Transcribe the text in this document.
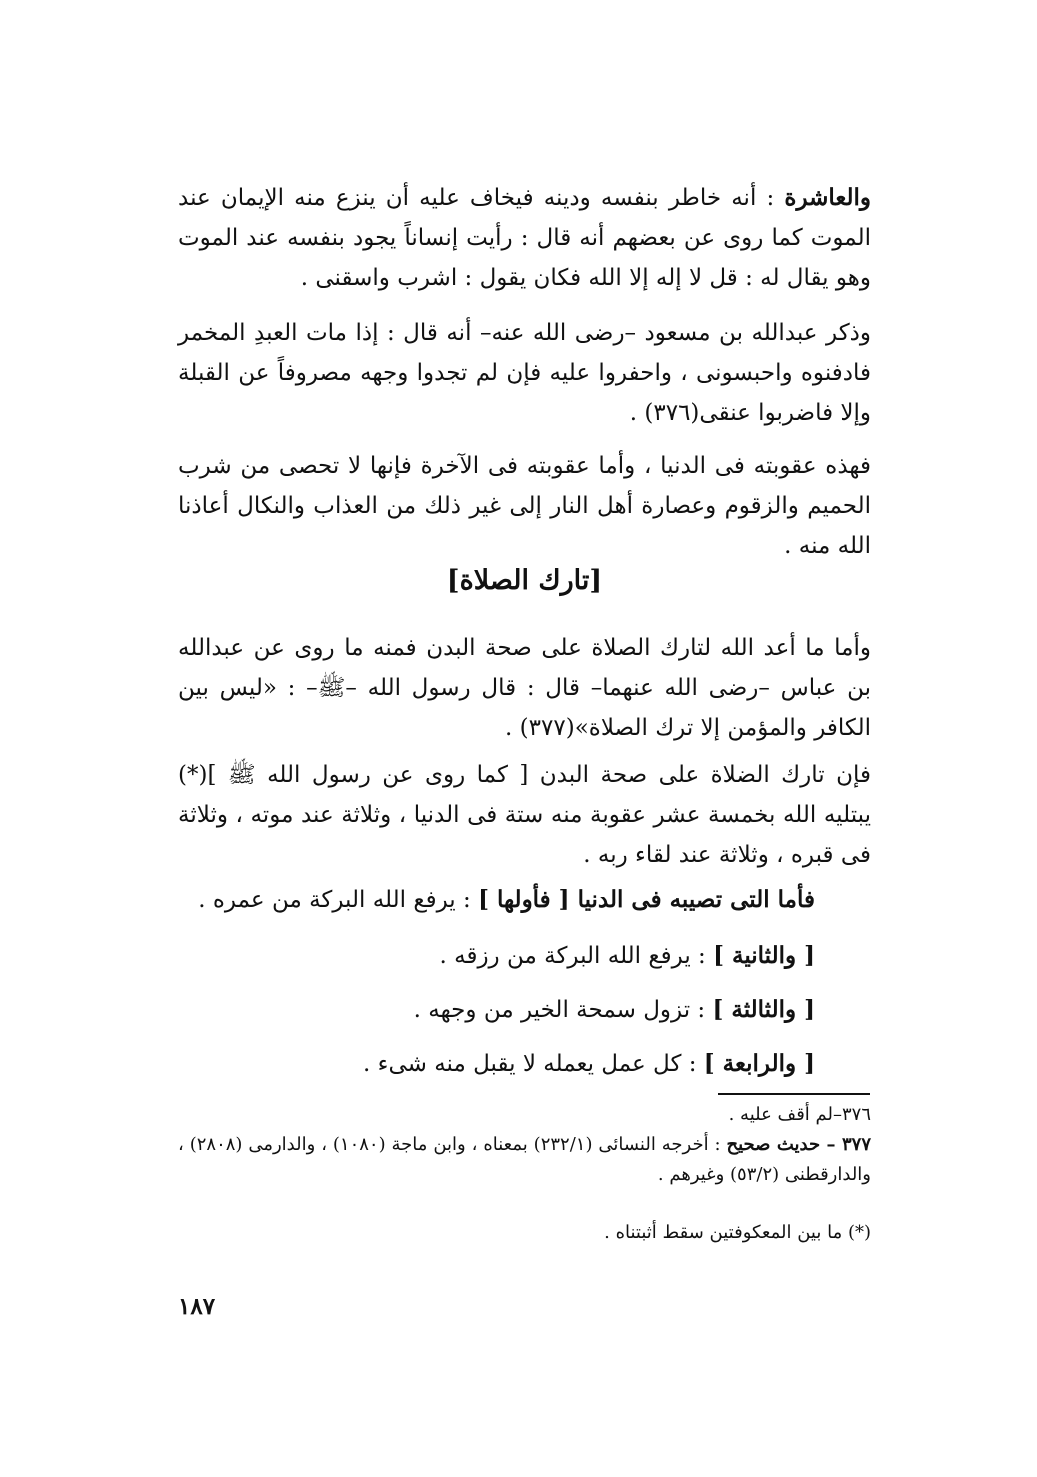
والعاشرة : أنه خاطر بنفسه ودينه فيخاف عليه أن ينزع منه الإيمان عند الموت كما روى عن بعضهم أنه قال : رأيت إنساناً يجود بنفسه عند الموت وهو يقال له : قل لا إله إلا الله فكان يقول : اشرب واسقنى .

وذكر عبدالله بن مسعود –رضى الله عنه– أنه قال : إذا مات العبدِ المخمر فادفنوه واحبسونى ، واحفروا عليه فإن لم تجدوا وجهه مصروفاً عن القبلة وإلا فاضربوا عنقى(٣٧٦) .

فهذه عقوبته فى الدنيا ، وأما عقوبته فى الآخرة فإنها لا تحصى من شرب الحميم والزقوم وعصارة أهل النار إلى غير ذلك من العذاب والنكال أعاذنا الله منه .

[تارك الصلاة]

وأما ما أعد الله لتارك الصلاة على صحة البدن فمنه ما روى عن عبدالله بن عباس –رضى الله عنهما– قال : قال رسول الله –ﷺ– : «ليس بين الكافر والمؤمن إلا ترك الصلاة»(٣٧٧) .

فإن تارك الضلاة على صحة البدن [ كما روى عن رسول الله ﷺ ](*) يبتليه الله بخمسة عشر عقوبة منه ستة فى الدنيا ، وثلاثة عند موته ، وثلاثة فى قبره ، وثلاثة عند لقاء ربه .

فأما التى تصيبه فى الدنيا [ فأولها ] : يرفع الله البركة من عمره .
[ والثانية ] : يرفع الله البركة من رزقه .
[ والثالثة ] : تزول سمحة الخير من وجهه .
[ والرابعة ] : كل عمل يعمله لا يقبل منه شىء .
٣٧٦–لم أقف عليه .
٣٧٧ – حديث صحيح : أخرجه النسائى (٢٣٢/١) بمعناه ، وابن ماجة (١٠٨٠) ، والدارمى (٢٨٠٨) ، والدارقطنى (٥٣/٢) وغيرهم .
(*) ما بين المعكوفتين سقط أثبتناه .
١٨٧
